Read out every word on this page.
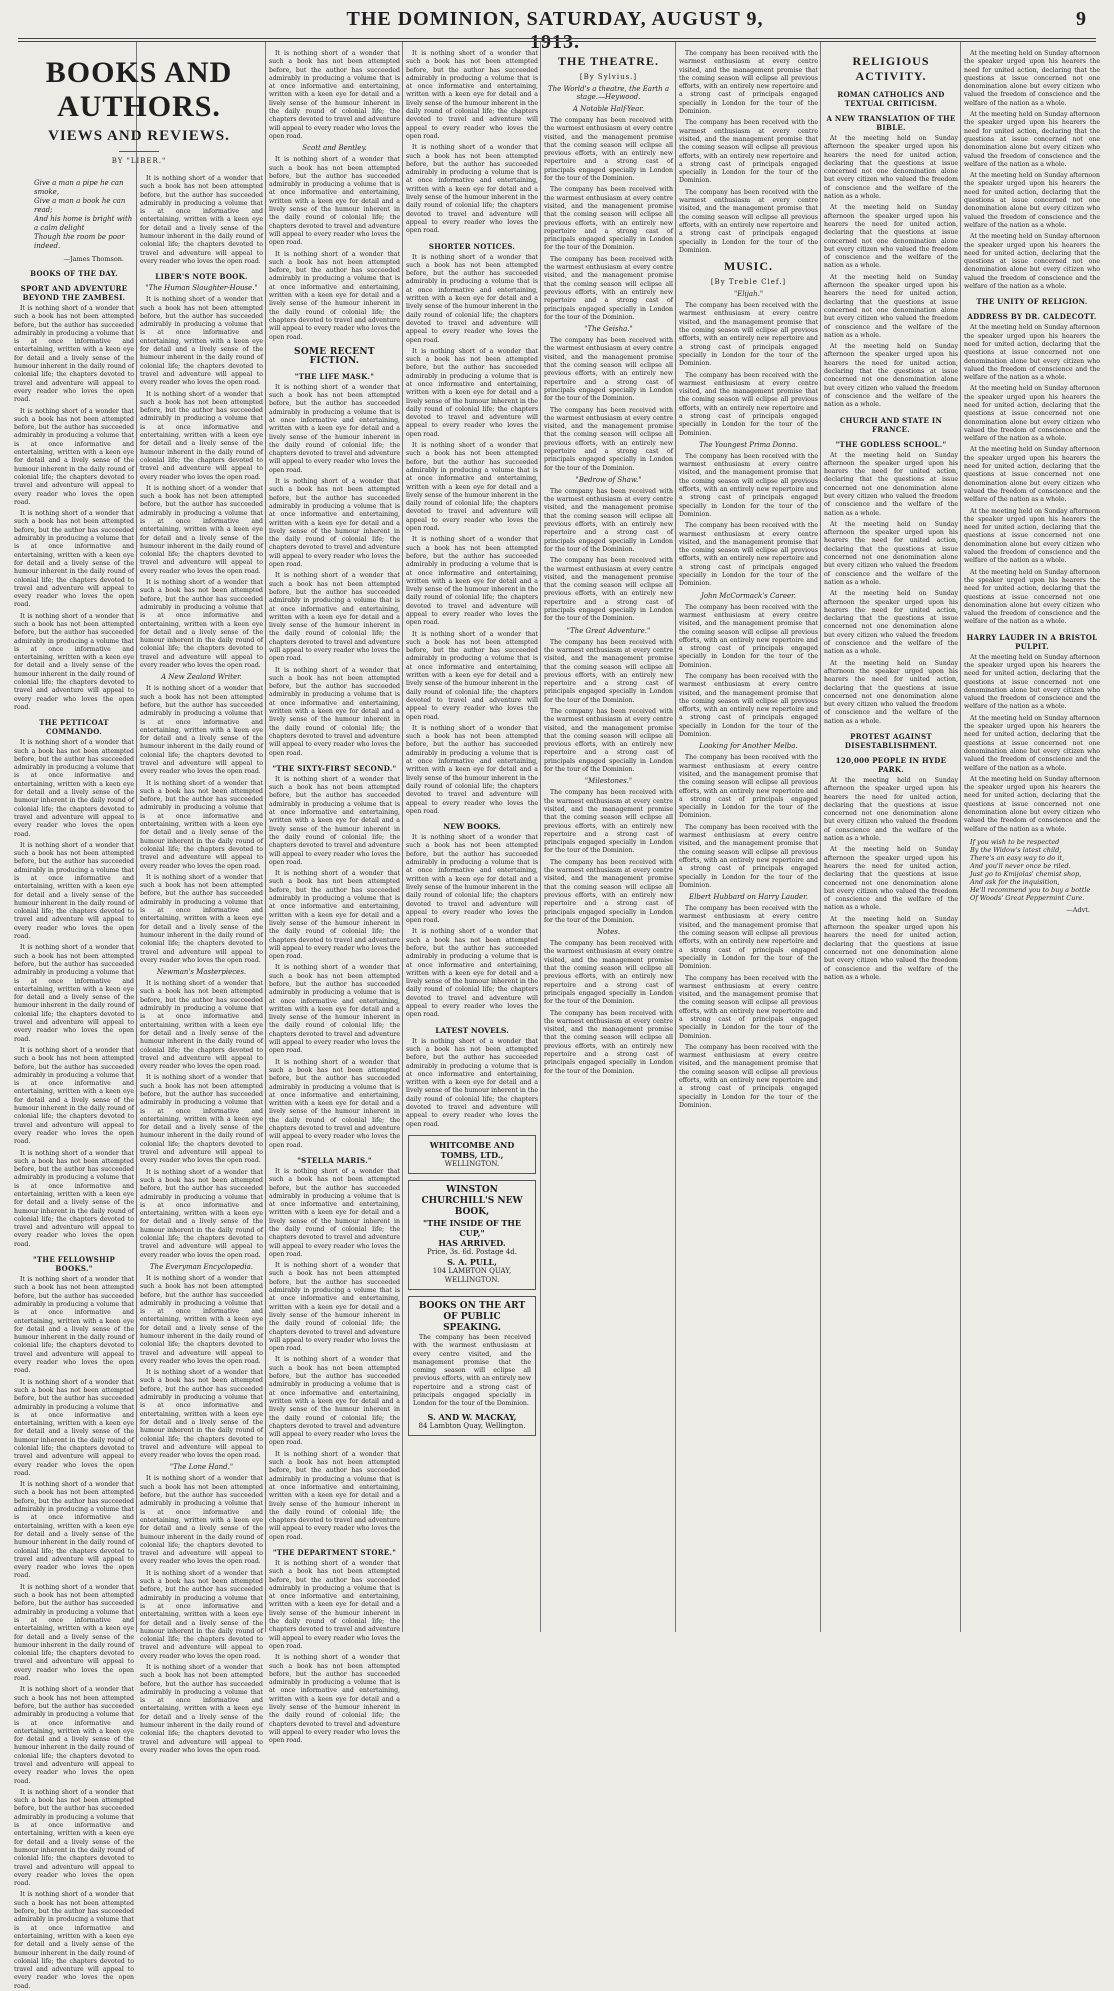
THE DOMINION, SATURDAY, AUGUST 9, 1913.
9
BOOKS AND AUTHORS.
VIEWS AND REVIEWS.
BY "LIBER."
Give a man a pipe he can smoke,
Give a man a book he can read;
And his home is bright with a calm delight
Though the room be poor indeed.
—James Thomson.
BOOKS OF THE DAY.
SPORT AND ADVENTURE BEYOND THE ZAMBESI.

It is nothing short of a wonder that such a book has not been attempted before, but the author has succeeded admirably in producing a volume that is at once informative and entertaining, written with a keen eye for detail and a lively sense of the humour inherent in the daily round of colonial life; the chapters devoted to travel and adventure will appeal to every reader who loves the open road.

It is nothing short of a wonder that such a book has not been attempted before, but the author has succeeded admirably in producing a volume that is at once informative and entertaining, written with a keen eye for detail and a lively sense of the humour inherent in the daily round of colonial life; the chapters devoted to travel and adventure will appeal to every reader who loves the open road.

It is nothing short of a wonder that such a book has not been attempted before, but the author has succeeded admirably in producing a volume that is at once informative and entertaining, written with a keen eye for detail and a lively sense of the humour inherent in the daily round of colonial life; the chapters devoted to travel and adventure will appeal to every reader who loves the open road.

It is nothing short of a wonder that such a book has not been attempted before, but the author has succeeded admirably in producing a volume that is at once informative and entertaining, written with a keen eye for detail and a lively sense of the humour inherent in the daily round of colonial life; the chapters devoted to travel and adventure will appeal to every reader who loves the open road.

THE PETTICOAT COMMANDO.

It is nothing short of a wonder that such a book has not been attempted before, but the author has succeeded admirably in producing a volume that is at once informative and entertaining, written with a keen eye for detail and a lively sense of the humour inherent in the daily round of colonial life; the chapters devoted to travel and adventure will appeal to every reader who loves the open road.

It is nothing short of a wonder that such a book has not been attempted before, but the author has succeeded admirably in producing a volume that is at once informative and entertaining, written with a keen eye for detail and a lively sense of the humour inherent in the daily round of colonial life; the chapters devoted to travel and adventure will appeal to every reader who loves the open road.

It is nothing short of a wonder that such a book has not been attempted before, but the author has succeeded admirably in producing a volume that is at once informative and entertaining, written with a keen eye for detail and a lively sense of the humour inherent in the daily round of colonial life; the chapters devoted to travel and adventure will appeal to every reader who loves the open road.

It is nothing short of a wonder that such a book has not been attempted before, but the author has succeeded admirably in producing a volume that is at once informative and entertaining, written with a keen eye for detail and a lively sense of the humour inherent in the daily round of colonial life; the chapters devoted to travel and adventure will appeal to every reader who loves the open road.

It is nothing short of a wonder that such a book has not been attempted before, but the author has succeeded admirably in producing a volume that is at once informative and entertaining, written with a keen eye for detail and a lively sense of the humour inherent in the daily round of colonial life; the chapters devoted to travel and adventure will appeal to every reader who loves the open road.

"THE FELLOWSHIP BOOKS."

It is nothing short of a wonder that such a book has not been attempted before, but the author has succeeded admirably in producing a volume that is at once informative and entertaining, written with a keen eye for detail and a lively sense of the humour inherent in the daily round of colonial life; the chapters devoted to travel and adventure will appeal to every reader who loves the open road.

It is nothing short of a wonder that such a book has not been attempted before, but the author has succeeded admirably in producing a volume that is at once informative and entertaining, written with a keen eye for detail and a lively sense of the humour inherent in the daily round of colonial life; the chapters devoted to travel and adventure will appeal to every reader who loves the open road.

It is nothing short of a wonder that such a book has not been attempted before, but the author has succeeded admirably in producing a volume that is at once informative and entertaining, written with a keen eye for detail and a lively sense of the humour inherent in the daily round of colonial life; the chapters devoted to travel and adventure will appeal to every reader who loves the open road.

It is nothing short of a wonder that such a book has not been attempted before, but the author has succeeded admirably in producing a volume that is at once informative and entertaining, written with a keen eye for detail and a lively sense of the humour inherent in the daily round of colonial life; the chapters devoted to travel and adventure will appeal to every reader who loves the open road.

It is nothing short of a wonder that such a book has not been attempted before, but the author has succeeded admirably in producing a volume that is at once informative and entertaining, written with a keen eye for detail and a lively sense of the humour inherent in the daily round of colonial life; the chapters devoted to travel and adventure will appeal to every reader who loves the open road.

It is nothing short of a wonder that such a book has not been attempted before, but the author has succeeded admirably in producing a volume that is at once informative and entertaining, written with a keen eye for detail and a lively sense of the humour inherent in the daily round of colonial life; the chapters devoted to travel and adventure will appeal to every reader who loves the open road.

It is nothing short of a wonder that such a book has not been attempted before, but the author has succeeded admirably in producing a volume that is at once informative and entertaining, written with a keen eye for detail and a lively sense of the humour inherent in the daily round of colonial life; the chapters devoted to travel and adventure will appeal to every reader who loves the open road.

It is nothing short of a wonder that such a book has not been attempted before, but the author has succeeded admirably in producing a volume that is at once informative and entertaining, written with a keen eye for detail and a lively sense of the humour inherent in the daily round of colonial life; the chapters devoted to travel and adventure will appeal to every reader who loves the open road.

LIBER'S NOTE BOOK.
"The Human Slaughter-House."

It is nothing short of a wonder that such a book has not been attempted before, but the author has succeeded admirably in producing a volume that is at once informative and entertaining, written with a keen eye for detail and a lively sense of the humour inherent in the daily round of colonial life; the chapters devoted to travel and adventure will appeal to every reader who loves the open road.

It is nothing short of a wonder that such a book has not been attempted before, but the author has succeeded admirably in producing a volume that is at once informative and entertaining, written with a keen eye for detail and a lively sense of the humour inherent in the daily round of colonial life; the chapters devoted to travel and adventure will appeal to every reader who loves the open road.

It is nothing short of a wonder that such a book has not been attempted before, but the author has succeeded admirably in producing a volume that is at once informative and entertaining, written with a keen eye for detail and a lively sense of the humour inherent in the daily round of colonial life; the chapters devoted to travel and adventure will appeal to every reader who loves the open road.

It is nothing short of a wonder that such a book has not been attempted before, but the author has succeeded admirably in producing a volume that is at once informative and entertaining, written with a keen eye for detail and a lively sense of the humour inherent in the daily round of colonial life; the chapters devoted to travel and adventure will appeal to every reader who loves the open road.

A New Zealand Writer.

It is nothing short of a wonder that such a book has not been attempted before, but the author has succeeded admirably in producing a volume that is at once informative and entertaining, written with a keen eye for detail and a lively sense of the humour inherent in the daily round of colonial life; the chapters devoted to travel and adventure will appeal to every reader who loves the open road.

It is nothing short of a wonder that such a book has not been attempted before, but the author has succeeded admirably in producing a volume that is at once informative and entertaining, written with a keen eye for detail and a lively sense of the humour inherent in the daily round of colonial life; the chapters devoted to travel and adventure will appeal to every reader who loves the open road.

It is nothing short of a wonder that such a book has not been attempted before, but the author has succeeded admirably in producing a volume that is at once informative and entertaining, written with a keen eye for detail and a lively sense of the humour inherent in the daily round of colonial life; the chapters devoted to travel and adventure will appeal to every reader who loves the open road.

Newman's Masterpieces.

It is nothing short of a wonder that such a book has not been attempted before, but the author has succeeded admirably in producing a volume that is at once informative and entertaining, written with a keen eye for detail and a lively sense of the humour inherent in the daily round of colonial life; the chapters devoted to travel and adventure will appeal to every reader who loves the open road.

It is nothing short of a wonder that such a book has not been attempted before, but the author has succeeded admirably in producing a volume that is at once informative and entertaining, written with a keen eye for detail and a lively sense of the humour inherent in the daily round of colonial life; the chapters devoted to travel and adventure will appeal to every reader who loves the open road.

It is nothing short of a wonder that such a book has not been attempted before, but the author has succeeded admirably in producing a volume that is at once informative and entertaining, written with a keen eye for detail and a lively sense of the humour inherent in the daily round of colonial life; the chapters devoted to travel and adventure will appeal to every reader who loves the open road.

The Everyman Encyclopedia.

It is nothing short of a wonder that such a book has not been attempted before, but the author has succeeded admirably in producing a volume that is at once informative and entertaining, written with a keen eye for detail and a lively sense of the humour inherent in the daily round of colonial life; the chapters devoted to travel and adventure will appeal to every reader who loves the open road.

It is nothing short of a wonder that such a book has not been attempted before, but the author has succeeded admirably in producing a volume that is at once informative and entertaining, written with a keen eye for detail and a lively sense of the humour inherent in the daily round of colonial life; the chapters devoted to travel and adventure will appeal to every reader who loves the open road.

"The Lone Hand."

It is nothing short of a wonder that such a book has not been attempted before, but the author has succeeded admirably in producing a volume that is at once informative and entertaining, written with a keen eye for detail and a lively sense of the humour inherent in the daily round of colonial life; the chapters devoted to travel and adventure will appeal to every reader who loves the open road.

It is nothing short of a wonder that such a book has not been attempted before, but the author has succeeded admirably in producing a volume that is at once informative and entertaining, written with a keen eye for detail and a lively sense of the humour inherent in the daily round of colonial life; the chapters devoted to travel and adventure will appeal to every reader who loves the open road.

It is nothing short of a wonder that such a book has not been attempted before, but the author has succeeded admirably in producing a volume that is at once informative and entertaining, written with a keen eye for detail and a lively sense of the humour inherent in the daily round of colonial life; the chapters devoted to travel and adventure will appeal to every reader who loves the open road.

It is nothing short of a wonder that such a book has not been attempted before, but the author has succeeded admirably in producing a volume that is at once informative and entertaining, written with a keen eye for detail and a lively sense of the humour inherent in the daily round of colonial life; the chapters devoted to travel and adventure will appeal to every reader who loves the open road.

Scott and Bentley.

It is nothing short of a wonder that such a book has not been attempted before, but the author has succeeded admirably in producing a volume that is at once informative and entertaining, written with a keen eye for detail and a lively sense of the humour inherent in the daily round of colonial life; the chapters devoted to travel and adventure will appeal to every reader who loves the open road.

It is nothing short of a wonder that such a book has not been attempted before, but the author has succeeded admirably in producing a volume that is at once informative and entertaining, written with a keen eye for detail and a lively sense of the humour inherent in the daily round of colonial life; the chapters devoted to travel and adventure will appeal to every reader who loves the open road.

SOME RECENT FICTION.
"THE LIFE MASK."

It is nothing short of a wonder that such a book has not been attempted before, but the author has succeeded admirably in producing a volume that is at once informative and entertaining, written with a keen eye for detail and a lively sense of the humour inherent in the daily round of colonial life; the chapters devoted to travel and adventure will appeal to every reader who loves the open road.

It is nothing short of a wonder that such a book has not been attempted before, but the author has succeeded admirably in producing a volume that is at once informative and entertaining, written with a keen eye for detail and a lively sense of the humour inherent in the daily round of colonial life; the chapters devoted to travel and adventure will appeal to every reader who loves the open road.

It is nothing short of a wonder that such a book has not been attempted before, but the author has succeeded admirably in producing a volume that is at once informative and entertaining, written with a keen eye for detail and a lively sense of the humour inherent in the daily round of colonial life; the chapters devoted to travel and adventure will appeal to every reader who loves the open road.

It is nothing short of a wonder that such a book has not been attempted before, but the author has succeeded admirably in producing a volume that is at once informative and entertaining, written with a keen eye for detail and a lively sense of the humour inherent in the daily round of colonial life; the chapters devoted to travel and adventure will appeal to every reader who loves the open road.

"THE SIXTY-FIRST SECOND."

It is nothing short of a wonder that such a book has not been attempted before, but the author has succeeded admirably in producing a volume that is at once informative and entertaining, written with a keen eye for detail and a lively sense of the humour inherent in the daily round of colonial life; the chapters devoted to travel and adventure will appeal to every reader who loves the open road.

It is nothing short of a wonder that such a book has not been attempted before, but the author has succeeded admirably in producing a volume that is at once informative and entertaining, written with a keen eye for detail and a lively sense of the humour inherent in the daily round of colonial life; the chapters devoted to travel and adventure will appeal to every reader who loves the open road.

It is nothing short of a wonder that such a book has not been attempted before, but the author has succeeded admirably in producing a volume that is at once informative and entertaining, written with a keen eye for detail and a lively sense of the humour inherent in the daily round of colonial life; the chapters devoted to travel and adventure will appeal to every reader who loves the open road.

It is nothing short of a wonder that such a book has not been attempted before, but the author has succeeded admirably in producing a volume that is at once informative and entertaining, written with a keen eye for detail and a lively sense of the humour inherent in the daily round of colonial life; the chapters devoted to travel and adventure will appeal to every reader who loves the open road.

"STELLA MARIS."

It is nothing short of a wonder that such a book has not been attempted before, but the author has succeeded admirably in producing a volume that is at once informative and entertaining, written with a keen eye for detail and a lively sense of the humour inherent in the daily round of colonial life; the chapters devoted to travel and adventure will appeal to every reader who loves the open road.

It is nothing short of a wonder that such a book has not been attempted before, but the author has succeeded admirably in producing a volume that is at once informative and entertaining, written with a keen eye for detail and a lively sense of the humour inherent in the daily round of colonial life; the chapters devoted to travel and adventure will appeal to every reader who loves the open road.

It is nothing short of a wonder that such a book has not been attempted before, but the author has succeeded admirably in producing a volume that is at once informative and entertaining, written with a keen eye for detail and a lively sense of the humour inherent in the daily round of colonial life; the chapters devoted to travel and adventure will appeal to every reader who loves the open road.

It is nothing short of a wonder that such a book has not been attempted before, but the author has succeeded admirably in producing a volume that is at once informative and entertaining, written with a keen eye for detail and a lively sense of the humour inherent in the daily round of colonial life; the chapters devoted to travel and adventure will appeal to every reader who loves the open road.

"THE DEPARTMENT STORE."

It is nothing short of a wonder that such a book has not been attempted before, but the author has succeeded admirably in producing a volume that is at once informative and entertaining, written with a keen eye for detail and a lively sense of the humour inherent in the daily round of colonial life; the chapters devoted to travel and adventure will appeal to every reader who loves the open road.

It is nothing short of a wonder that such a book has not been attempted before, but the author has succeeded admirably in producing a volume that is at once informative and entertaining, written with a keen eye for detail and a lively sense of the humour inherent in the daily round of colonial life; the chapters devoted to travel and adventure will appeal to every reader who loves the open road.

It is nothing short of a wonder that such a book has not been attempted before, but the author has succeeded admirably in producing a volume that is at once informative and entertaining, written with a keen eye for detail and a lively sense of the humour inherent in the daily round of colonial life; the chapters devoted to travel and adventure will appeal to every reader who loves the open road.

It is nothing short of a wonder that such a book has not been attempted before, but the author has succeeded admirably in producing a volume that is at once informative and entertaining, written with a keen eye for detail and a lively sense of the humour inherent in the daily round of colonial life; the chapters devoted to travel and adventure will appeal to every reader who loves the open road.

SHORTER NOTICES.

It is nothing short of a wonder that such a book has not been attempted before, but the author has succeeded admirably in producing a volume that is at once informative and entertaining, written with a keen eye for detail and a lively sense of the humour inherent in the daily round of colonial life; the chapters devoted to travel and adventure will appeal to every reader who loves the open road.

It is nothing short of a wonder that such a book has not been attempted before, but the author has succeeded admirably in producing a volume that is at once informative and entertaining, written with a keen eye for detail and a lively sense of the humour inherent in the daily round of colonial life; the chapters devoted to travel and adventure will appeal to every reader who loves the open road.

It is nothing short of a wonder that such a book has not been attempted before, but the author has succeeded admirably in producing a volume that is at once informative and entertaining, written with a keen eye for detail and a lively sense of the humour inherent in the daily round of colonial life; the chapters devoted to travel and adventure will appeal to every reader who loves the open road.

It is nothing short of a wonder that such a book has not been attempted before, but the author has succeeded admirably in producing a volume that is at once informative and entertaining, written with a keen eye for detail and a lively sense of the humour inherent in the daily round of colonial life; the chapters devoted to travel and adventure will appeal to every reader who loves the open road.

It is nothing short of a wonder that such a book has not been attempted before, but the author has succeeded admirably in producing a volume that is at once informative and entertaining, written with a keen eye for detail and a lively sense of the humour inherent in the daily round of colonial life; the chapters devoted to travel and adventure will appeal to every reader who loves the open road.

It is nothing short of a wonder that such a book has not been attempted before, but the author has succeeded admirably in producing a volume that is at once informative and entertaining, written with a keen eye for detail and a lively sense of the humour inherent in the daily round of colonial life; the chapters devoted to travel and adventure will appeal to every reader who loves the open road.

NEW BOOKS.

It is nothing short of a wonder that such a book has not been attempted before, but the author has succeeded admirably in producing a volume that is at once informative and entertaining, written with a keen eye for detail and a lively sense of the humour inherent in the daily round of colonial life; the chapters devoted to travel and adventure will appeal to every reader who loves the open road.

It is nothing short of a wonder that such a book has not been attempted before, but the author has succeeded admirably in producing a volume that is at once informative and entertaining, written with a keen eye for detail and a lively sense of the humour inherent in the daily round of colonial life; the chapters devoted to travel and adventure will appeal to every reader who loves the open road.

LATEST NOVELS.

It is nothing short of a wonder that such a book has not been attempted before, but the author has succeeded admirably in producing a volume that is at once informative and entertaining, written with a keen eye for detail and a lively sense of the humour inherent in the daily round of colonial life; the chapters devoted to travel and adventure will appeal to every reader who loves the open road.

WHITCOMBE AND TOMBS, LTD.,
WELLINGTON.
WINSTON CHURCHILL'S NEW BOOK,
"THE INSIDE OF THE CUP,"
HAS ARRIVED.
Price, 3s. 6d. Postage 4d.
S. A. PULL,
104 LAMBTON QUAY, WELLINGTON.
BOOKS ON THE ART OF PUBLIC SPEAKING.

The company has been received with the warmest enthusiasm at every centre visited, and the management promise that the coming season will eclipse all previous efforts, with an entirely new repertoire and a strong cast of principals engaged specially in London for the tour of the Dominion.

S. AND W. MACKAY,
84 Lambton Quay, Wellington.
THE THEATRE.
[By Sylvius.]
The World's a theatre, the Earth a stage.—Heywood.
A Notable Half-Year.

The company has been received with the warmest enthusiasm at every centre visited, and the management promise that the coming season will eclipse all previous efforts, with an entirely new repertoire and a strong cast of principals engaged specially in London for the tour of the Dominion.

The company has been received with the warmest enthusiasm at every centre visited, and the management promise that the coming season will eclipse all previous efforts, with an entirely new repertoire and a strong cast of principals engaged specially in London for the tour of the Dominion.

The company has been received with the warmest enthusiasm at every centre visited, and the management promise that the coming season will eclipse all previous efforts, with an entirely new repertoire and a strong cast of principals engaged specially in London for the tour of the Dominion.

"The Geisha."

The company has been received with the warmest enthusiasm at every centre visited, and the management promise that the coming season will eclipse all previous efforts, with an entirely new repertoire and a strong cast of principals engaged specially in London for the tour of the Dominion.

The company has been received with the warmest enthusiasm at every centre visited, and the management promise that the coming season will eclipse all previous efforts, with an entirely new repertoire and a strong cast of principals engaged specially in London for the tour of the Dominion.

"Bedrow of Shaw."

The company has been received with the warmest enthusiasm at every centre visited, and the management promise that the coming season will eclipse all previous efforts, with an entirely new repertoire and a strong cast of principals engaged specially in London for the tour of the Dominion.

The company has been received with the warmest enthusiasm at every centre visited, and the management promise that the coming season will eclipse all previous efforts, with an entirely new repertoire and a strong cast of principals engaged specially in London for the tour of the Dominion.

"The Great Adventure."

The company has been received with the warmest enthusiasm at every centre visited, and the management promise that the coming season will eclipse all previous efforts, with an entirely new repertoire and a strong cast of principals engaged specially in London for the tour of the Dominion.

The company has been received with the warmest enthusiasm at every centre visited, and the management promise that the coming season will eclipse all previous efforts, with an entirely new repertoire and a strong cast of principals engaged specially in London for the tour of the Dominion.

"Milestones."

The company has been received with the warmest enthusiasm at every centre visited, and the management promise that the coming season will eclipse all previous efforts, with an entirely new repertoire and a strong cast of principals engaged specially in London for the tour of the Dominion.

The company has been received with the warmest enthusiasm at every centre visited, and the management promise that the coming season will eclipse all previous efforts, with an entirely new repertoire and a strong cast of principals engaged specially in London for the tour of the Dominion.

Notes.

The company has been received with the warmest enthusiasm at every centre visited, and the management promise that the coming season will eclipse all previous efforts, with an entirely new repertoire and a strong cast of principals engaged specially in London for the tour of the Dominion.

The company has been received with the warmest enthusiasm at every centre visited, and the management promise that the coming season will eclipse all previous efforts, with an entirely new repertoire and a strong cast of principals engaged specially in London for the tour of the Dominion.

The company has been received with the warmest enthusiasm at every centre visited, and the management promise that the coming season will eclipse all previous efforts, with an entirely new repertoire and a strong cast of principals engaged specially in London for the tour of the Dominion.

The company has been received with the warmest enthusiasm at every centre visited, and the management promise that the coming season will eclipse all previous efforts, with an entirely new repertoire and a strong cast of principals engaged specially in London for the tour of the Dominion.

The company has been received with the warmest enthusiasm at every centre visited, and the management promise that the coming season will eclipse all previous efforts, with an entirely new repertoire and a strong cast of principals engaged specially in London for the tour of the Dominion.

MUSIC.
[By Treble Clef.]
"Elijah."

The company has been received with the warmest enthusiasm at every centre visited, and the management promise that the coming season will eclipse all previous efforts, with an entirely new repertoire and a strong cast of principals engaged specially in London for the tour of the Dominion.

The company has been received with the warmest enthusiasm at every centre visited, and the management promise that the coming season will eclipse all previous efforts, with an entirely new repertoire and a strong cast of principals engaged specially in London for the tour of the Dominion.

The Youngest Prima Donna.

The company has been received with the warmest enthusiasm at every centre visited, and the management promise that the coming season will eclipse all previous efforts, with an entirely new repertoire and a strong cast of principals engaged specially in London for the tour of the Dominion.

The company has been received with the warmest enthusiasm at every centre visited, and the management promise that the coming season will eclipse all previous efforts, with an entirely new repertoire and a strong cast of principals engaged specially in London for the tour of the Dominion.

John McCormack's Career.

The company has been received with the warmest enthusiasm at every centre visited, and the management promise that the coming season will eclipse all previous efforts, with an entirely new repertoire and a strong cast of principals engaged specially in London for the tour of the Dominion.

The company has been received with the warmest enthusiasm at every centre visited, and the management promise that the coming season will eclipse all previous efforts, with an entirely new repertoire and a strong cast of principals engaged specially in London for the tour of the Dominion.

Looking for Another Melba.

The company has been received with the warmest enthusiasm at every centre visited, and the management promise that the coming season will eclipse all previous efforts, with an entirely new repertoire and a strong cast of principals engaged specially in London for the tour of the Dominion.

The company has been received with the warmest enthusiasm at every centre visited, and the management promise that the coming season will eclipse all previous efforts, with an entirely new repertoire and a strong cast of principals engaged specially in London for the tour of the Dominion.

Elbert Hubbard on Harry Lauder.

The company has been received with the warmest enthusiasm at every centre visited, and the management promise that the coming season will eclipse all previous efforts, with an entirely new repertoire and a strong cast of principals engaged specially in London for the tour of the Dominion.

The company has been received with the warmest enthusiasm at every centre visited, and the management promise that the coming season will eclipse all previous efforts, with an entirely new repertoire and a strong cast of principals engaged specially in London for the tour of the Dominion.

The company has been received with the warmest enthusiasm at every centre visited, and the management promise that the coming season will eclipse all previous efforts, with an entirely new repertoire and a strong cast of principals engaged specially in London for the tour of the Dominion.

RELIGIOUS ACTIVITY.
ROMAN CATHOLICS AND TEXTUAL CRITICISM.
A NEW TRANSLATION OF THE BIBLE.

At the meeting held on Sunday afternoon the speaker urged upon his hearers the need for united action, declaring that the questions at issue concerned not one denomination alone but every citizen who valued the freedom of conscience and the welfare of the nation as a whole.

At the meeting held on Sunday afternoon the speaker urged upon his hearers the need for united action, declaring that the questions at issue concerned not one denomination alone but every citizen who valued the freedom of conscience and the welfare of the nation as a whole.

At the meeting held on Sunday afternoon the speaker urged upon his hearers the need for united action, declaring that the questions at issue concerned not one denomination alone but every citizen who valued the freedom of conscience and the welfare of the nation as a whole.

At the meeting held on Sunday afternoon the speaker urged upon his hearers the need for united action, declaring that the questions at issue concerned not one denomination alone but every citizen who valued the freedom of conscience and the welfare of the nation as a whole.

CHURCH AND STATE IN FRANCE.
"THE GODLESS SCHOOL."

At the meeting held on Sunday afternoon the speaker urged upon his hearers the need for united action, declaring that the questions at issue concerned not one denomination alone but every citizen who valued the freedom of conscience and the welfare of the nation as a whole.

At the meeting held on Sunday afternoon the speaker urged upon his hearers the need for united action, declaring that the questions at issue concerned not one denomination alone but every citizen who valued the freedom of conscience and the welfare of the nation as a whole.

At the meeting held on Sunday afternoon the speaker urged upon his hearers the need for united action, declaring that the questions at issue concerned not one denomination alone but every citizen who valued the freedom of conscience and the welfare of the nation as a whole.

At the meeting held on Sunday afternoon the speaker urged upon his hearers the need for united action, declaring that the questions at issue concerned not one denomination alone but every citizen who valued the freedom of conscience and the welfare of the nation as a whole.

PROTEST AGAINST DISESTABLISHMENT.
120,000 PEOPLE IN HYDE PARK.

At the meeting held on Sunday afternoon the speaker urged upon his hearers the need for united action, declaring that the questions at issue concerned not one denomination alone but every citizen who valued the freedom of conscience and the welfare of the nation as a whole.

At the meeting held on Sunday afternoon the speaker urged upon his hearers the need for united action, declaring that the questions at issue concerned not one denomination alone but every citizen who valued the freedom of conscience and the welfare of the nation as a whole.

At the meeting held on Sunday afternoon the speaker urged upon his hearers the need for united action, declaring that the questions at issue concerned not one denomination alone but every citizen who valued the freedom of conscience and the welfare of the nation as a whole.

At the meeting held on Sunday afternoon the speaker urged upon his hearers the need for united action, declaring that the questions at issue concerned not one denomination alone but every citizen who valued the freedom of conscience and the welfare of the nation as a whole.

At the meeting held on Sunday afternoon the speaker urged upon his hearers the need for united action, declaring that the questions at issue concerned not one denomination alone but every citizen who valued the freedom of conscience and the welfare of the nation as a whole.

At the meeting held on Sunday afternoon the speaker urged upon his hearers the need for united action, declaring that the questions at issue concerned not one denomination alone but every citizen who valued the freedom of conscience and the welfare of the nation as a whole.

At the meeting held on Sunday afternoon the speaker urged upon his hearers the need for united action, declaring that the questions at issue concerned not one denomination alone but every citizen who valued the freedom of conscience and the welfare of the nation as a whole.

THE UNITY OF RELIGION.
ADDRESS BY DR. CALDECOTT.

At the meeting held on Sunday afternoon the speaker urged upon his hearers the need for united action, declaring that the questions at issue concerned not one denomination alone but every citizen who valued the freedom of conscience and the welfare of the nation as a whole.

At the meeting held on Sunday afternoon the speaker urged upon his hearers the need for united action, declaring that the questions at issue concerned not one denomination alone but every citizen who valued the freedom of conscience and the welfare of the nation as a whole.

At the meeting held on Sunday afternoon the speaker urged upon his hearers the need for united action, declaring that the questions at issue concerned not one denomination alone but every citizen who valued the freedom of conscience and the welfare of the nation as a whole.

At the meeting held on Sunday afternoon the speaker urged upon his hearers the need for united action, declaring that the questions at issue concerned not one denomination alone but every citizen who valued the freedom of conscience and the welfare of the nation as a whole.

At the meeting held on Sunday afternoon the speaker urged upon his hearers the need for united action, declaring that the questions at issue concerned not one denomination alone but every citizen who valued the freedom of conscience and the welfare of the nation as a whole.

HARRY LAUDER IN A BRISTOL PULPIT.

At the meeting held on Sunday afternoon the speaker urged upon his hearers the need for united action, declaring that the questions at issue concerned not one denomination alone but every citizen who valued the freedom of conscience and the welfare of the nation as a whole.

At the meeting held on Sunday afternoon the speaker urged upon his hearers the need for united action, declaring that the questions at issue concerned not one denomination alone but every citizen who valued the freedom of conscience and the welfare of the nation as a whole.

At the meeting held on Sunday afternoon the speaker urged upon his hearers the need for united action, declaring that the questions at issue concerned not one denomination alone but every citizen who valued the freedom of conscience and the welfare of the nation as a whole.

If you wish to be respected
By the Widow's latest child,
There's an easy way to do it,
And you'll never once be riled.
Just go to Kmijolas' chemist shop,
And ask for the inquisition,
He'll recommend you to buy a bottle
Of Woods' Great Peppermint Cure.
—Advt.
